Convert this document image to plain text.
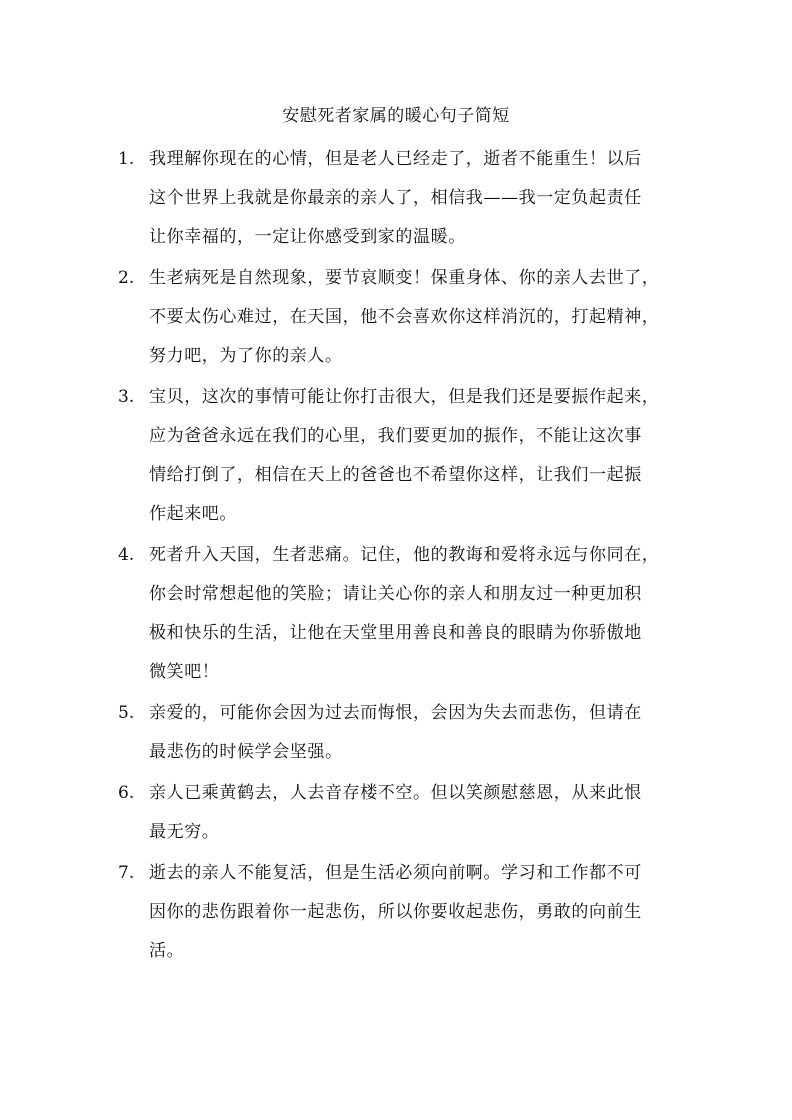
安慰死者家属的暖心句子简短
1. 我理解你现在的心情，但是老人已经走了，逝者不能重生！以后
这个世界上我就是你最亲的亲人了，相信我——我一定负起责任
让你幸福的，一定让你感受到家的温暖。
2. 生老病死是自然现象，要节哀顺变！保重身体、你的亲人去世了，
不要太伤心难过，在天国，他不会喜欢你这样消沉的，打起精神，
努力吧，为了你的亲人。
3. 宝贝，这次的事情可能让你打击很大，但是我们还是要振作起来，
应为爸爸永远在我们的心里，我们要更加的振作，不能让这次事
情给打倒了，相信在天上的爸爸也不希望你这样，让我们一起振
作起来吧。
4. 死者升入天国，生者悲痛。记住，他的教诲和爱将永远与你同在，
你会时常想起他的笑脸；请让关心你的亲人和朋友过一种更加积
极和快乐的生活，让他在天堂里用善良和善良的眼睛为你骄傲地
微笑吧！
5. 亲爱的，可能你会因为过去而悔恨，会因为失去而悲伤，但请在
最悲伤的时候学会坚强。
6. 亲人已乘黄鹤去，人去音存楼不空。但以笑颜慰慈恩，从来此恨
最无穷。
7. 逝去的亲人不能复活，但是生活必须向前啊。学习和工作都不可
因你的悲伤跟着你一起悲伤，所以你要收起悲伤，勇敢的向前生
活。
